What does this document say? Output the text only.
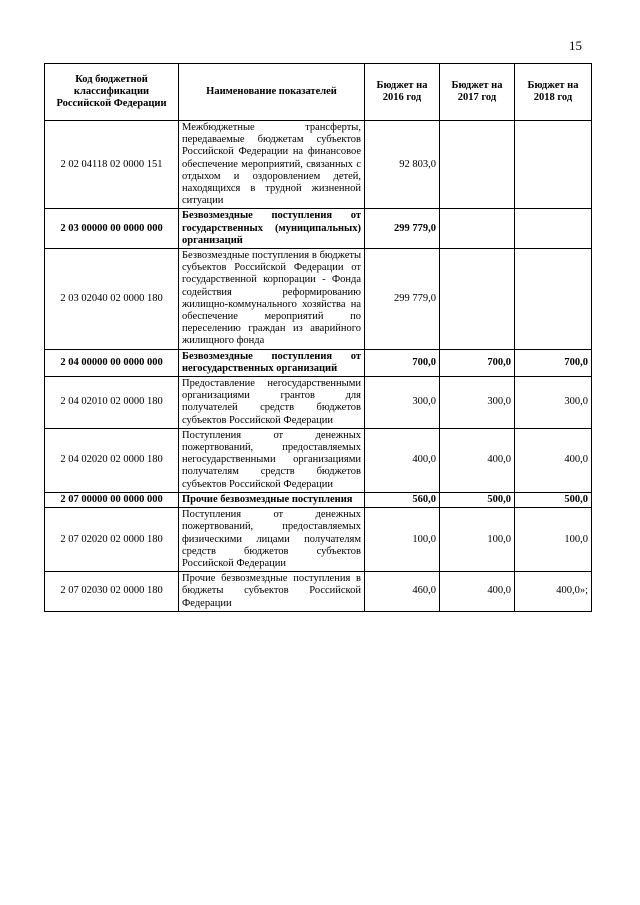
15
Код бюджетной классификации Российской Федерации	Наименование показателей	Бюджет на 2016 год	Бюджет на 2017 год	Бюджет на 2018 год
2 02 04118 02 0000 151	Межбюджетные трансферты, передаваемые бюджетам субъектов Российской Федерации на финансовое обеспечение мероприятий, связанных с отдыхом и оздоровлением детей, находящихся в трудной жизненной ситуации	92 803,0		
2 03 00000 00 0000 000	Безвозмездные поступления от государственных (муниципальных) организаций	299 779,0		
2 03 02040 02 0000 180	Безвозмездные поступления в бюджеты субъектов Российской Федерации от государственной корпорации - Фонда содействия реформированию жилищно-коммунального хозяйства на обеспечение мероприятий по переселению граждан из аварийного жилищного фонда	299 779,0		
2 04 00000 00 0000 000	Безвозмездные поступления от негосударственных организаций	700,0	700,0	700,0
2 04 02010 02 0000 180	Предоставление негосударственными организациями грантов для получателей средств бюджетов субъектов Российской Федерации	300,0	300,0	300,0
2 04 02020 02 0000 180	Поступления от денежных пожертвований, предоставляемых негосударственными организациями получателям средств бюджетов субъектов Российской Федерации	400,0	400,0	400,0
2 07 00000 00 0000 000	Прочие безвозмездные поступления	560,0	500,0	500,0
2 07 02020 02 0000 180	Поступления от денежных пожертвований, предоставляемых физическими лицами получателям средств бюджетов субъектов Российской Федерации	100,0	100,0	100,0
2 07 02030 02 0000 180	Прочие безвозмездные поступления в бюджеты субъектов Российской Федерации	460,0	400,0	400,0»;
